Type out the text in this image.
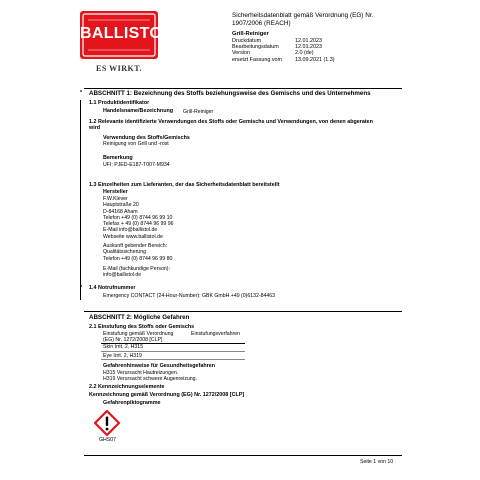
BALLISTOL
ES WIRKT.
Sicherheitsdatenblatt gemäß Verordnung (EG) Nr.
1907/2006 (REACH)
Grill-Reiniger
Druckdatum	12.01.2023
Bearbeitungsdatum	12.01.2023
Version	2.0 (de)
ersetzt Fassung vom	13.09.2021 (1.3)
* ABSCHNITT 1: Bezeichnung des Stoffs beziehungsweise des Gemischs und des Unternehmens
1.1 Produktidentifikator
Handelsname/Bezeichnung Grill-Reiniger
1.2 Relevante identifizierte Verwendungen des Stoffs oder Gemischs und Verwendungen, von denen abgeraten
wird
Verwendung des Stoffs/Gemischs
Reinigung von Grill und -rost
Bemerkung
UFI: PJED-E187-T007-M934
1.3 Einzelheiten zum Lieferanten, der das Sicherheitsdatenblatt bereitstellt
Hersteller
F.W.Klever
Hauptstraße 20
D-84168 Aham
Telefon +49 (0) 8744 96 99 10
Telefax + 49 (0) 8744 96 99 96
E-Mail info@ballistol.de
Webseite www.ballistol.de
Auskunft gebender Bereich:
Qualitätssicherung
Telefon +49 (0) 8744 96 99 80
E-Mail (fachkundige Person):
info@ballistol.de
1.4 Notrufnummer
Emergency CONTACT (24-Hour-Number): GBK GmbH +49 (0)6132-84463
ABSCHNITT 2: Mögliche Gefahren
2.1 Einstufung des Stoffs oder Gemischs
Einstufung gemäß Verordnung
(EG) Nr. 1272/2008 [CLP]
Einstufungsverfahren
Skin Irrit. 2, H315
Eye Irrit. 2, H319
Gefahrenhinweise für Gesundheitsgefahren
H315 Verursacht Hautreizungen.
H319 Verursacht schwere Augenreizung.
2.2 Kennzeichnungselemente
Kennzeichnung gemäß Verordnung (EG) Nr. 1272/2008 [CLP]
Gefahrenpiktogramme
GHS07
Seite 1 von 10
